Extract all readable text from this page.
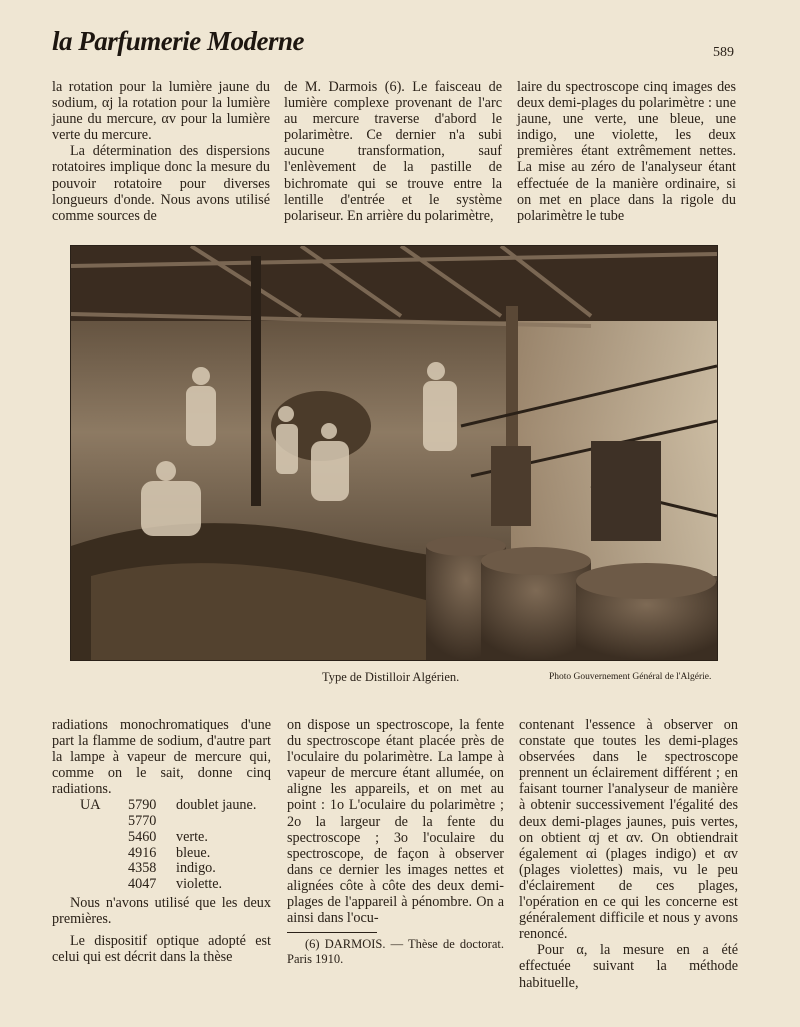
la Parfumerie Moderne	589

la rotation pour la lumière jaune du sodium, αj la rotation pour la lumière jaune du mercure, αv pour la lumière verte du mercure.

La détermination des dispersions rotatoires implique donc la mesure du pouvoir rotatoire pour diverses longueurs d'onde. Nous avons utilisé comme sources de

de M. Darmois (6). Le faisceau de lumière complexe provenant de l'arc au mercure traverse d'abord le polarimètre. Ce dernier n'a subi aucune transformation, sauf l'enlèvement de la pastille de bichromate qui se trouve entre la lentille d'entrée et le système polariseur. En arrière du polarimètre,

laire du spectroscope cinq images des deux demi-plages du polarimètre : une jaune, une verte, une bleue, une indigo, une violette, les deux premières étant extrêmement nettes. La mise au zéro de l'analyseur étant effectuée de la manière ordinaire, si on met en place dans la rigole du polarimètre le tube

Type de Distilloir Algérien.	Photo Gouvernement Général de l'Algérie.

radiations monochromatiques d'une part la flamme de sodium, d'autre part la lampe à vapeur de mercure qui, comme on le sait, donne cinq radiations.

UA	5790	doublet jaune.
	5770	
	5460	verte.
	4916	bleue.
	4358	indigo.
	4047	violette.

Nous n'avons utilisé que les deux premières.

Le dispositif optique adopté est celui qui est décrit dans la thèse

on dispose un spectroscope, la fente du spectroscope étant placée près de l'oculaire du polarimètre. La lampe à vapeur de mercure étant allumée, on aligne les appareils, et on met au point : 1o L'oculaire du polarimètre ; 2o la largeur de la fente du spectroscope ; 3o l'oculaire du spectroscope, de façon à observer dans ce dernier les images nettes et alignées côte à côte des deux demi-plages de l'appareil à pénombre. On a ainsi dans l'ocu-

(6) DARMOIS. — Thèse de doctorat. Paris 1910.

contenant l'essence à observer on constate que toutes les demi-plages observées dans le spectroscope prennent un éclairement différent ; en faisant tourner l'analyseur de manière à obtenir successivement l'égalité des deux demi-plages jaunes, puis vertes, on obtient αj et αv. On obtiendrait également αi (plages indigo) et αv (plages violettes) mais, vu le peu d'éclairement de ces plages, l'opération en ce qui les concerne est généralement difficile et nous y avons renoncé.

Pour α, la mesure en a été effectuée suivant la méthode habituelle,
